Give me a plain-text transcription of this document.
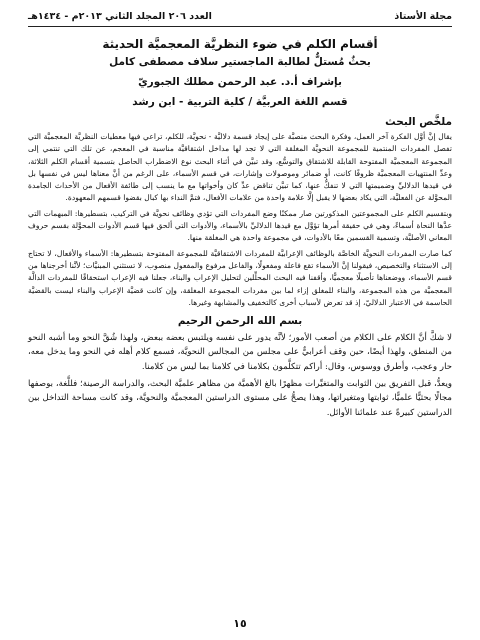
مجلة الأستاذ
العدد ٢٠٦ المجلد الثاني ٢٠١٣م - ١٤٣٤هـ
أقسام الكلم في ضوء النظريَّة المعجميَّة الحديثة
بحثٌ مُستلٌّ لطالبة الماجستير سلاف مصطفى كامل
بإشراف أ.د. عبد الرحمن مطلك الجبوريّ
قسم اللغة العربيَّة / كلية التربية - ابن رشد
ملخَّص البحث

يقال إنَّ أوَّل الفكرة آخر العمل، وفكرة البحث منصبَّة على إيجاد قسمة دلاليَّة - نحويَّة، للكلم، تراعي فيها معطيات النظريَّة المعجميَّة التي تفصل المفردات المنتمية للمجموعة النحويَّة المغلقة التي لا تجد لها مداخل اشتقاقيَّة مناسبة في المعجم، عن تلك التي تنتمي إلى المجموعة المعجميَّة المفتوحة القابلة للاشتقاق والتوسُّع، وقد تبيَّن في أثناء البحث نوع الاضطراب الحاصل بتسمية أقسام الكلم الثلاثة، وعدِّ المنتهيات المعجميَّة ظروفًا كانت، أو ضمائر وموصولات وإشارات، في قسم الأسماء، على الرغم من أنَّ معناها ليس في نفسها بل في قيدها الدلاليِّ وضميمتها التي لا تنفكُّ عنها، كما تبيَّن تناقض عدِّ كان وأخواتها مع ما ينسب إلى طائفة الأفعال من الأحداث الجامدة المحوَّلة عن الفعليَّة، التي يكاد بعضها لا يقبل إلَّا علامة واحدة من علامات الأفعال، فتمَّ النداء بها كبال بقضوا قسمهم المعهودة.

وبتقسيم الكلم على المجموعتين المذكورتين صار ممكنًا وضع المفردات التي تؤدي وظائف نحويَّة في التركيب، بتسطيرها: المبهمات التي عدَّها النحاة أسماءً، وهي في حقيقة أمرها تؤوَّل مع قيدها الدلاليِّ بالأسماء، والأدوات التي ألحق فيها قسم الأدوات المحوَّلة بقسم حروف المعاني الأصليَّة، وتسمية القسمين معًا بالأدوات، في مجموعة واحدة هي المغلقة منها.

كما صارت المفردات النحويَّة الخاصَّة بالوظائف الإعرابيَّة للمفردات الاشتقاقيَّة للمجموعة المفتوحة بتسطيرها: الأسماء والأفعال، لا تحتاج إلى الاستثناء والتخصيص، فيقولنا إنَّ الأسماء تقع فاعلة ومفعولًا، والفاعل مرفوع والمفعول منصوب، لا تستثني المبنيَّات؛ لأنَّنا أخرجناها من قسم الأسماء، ووضعناها تأصيلًا معجميًّا، وأقفنا فيه البحث المحلِّلين لتحليل الإعراب والبناء، جعلنا فيه الإعراب استحقاقًا للمفردات الدالَّة المعجميَّة من هذه المجموعة، والبناء للمغلق إزاء لما بين مفردات المجموعة المغلقة، وإن كانت قضيَّة الإعراب والبناء ليست بالقضيَّة الحاسمة في الاعتبار الدلاليّ، إذ قد تعرض لأسباب أخرى كالتخفيف والمشابهة وغيرها.

بسم الله الرحمن الرحيم

لا شكَّ أنَّ الكلام على الكلام من أصعب الأمور؛ لأنَّه يدور على نفسه ويلتبس بعضه ببعض، ولهذا شُقَّ النحو وما أشبه النحو من المنطق، ولهذا أيضًا، حين وقف أعرابيٌّ على مجلس من المجالس النحويَّة، فسمع كلام أهله في النحو وما يدخل معه، حار وعجب، وأطرق ووسوس، وقال: أراكم تتكلَّمون بكلامنا في كلامنا بما ليس من كلامنا.

ويعدُّ، قبل التفريق بين الثوابت والمتغيِّرات مظهرًا بالغ الأهميَّة من مظاهر علميَّة البحث، والدراسة الرصينة؛ فللَّغة، بوصفها مجالًا بحثيًّا علميًّا، ثوابتها ومتغيراتها، وهذا يصحُّ على مستوى الدراستين المعجميَّة والنحويَّة، وقد كانت مساحة التداخل بين الدراستين كبيرةً عند علمائنا الأوائل.

١٥
